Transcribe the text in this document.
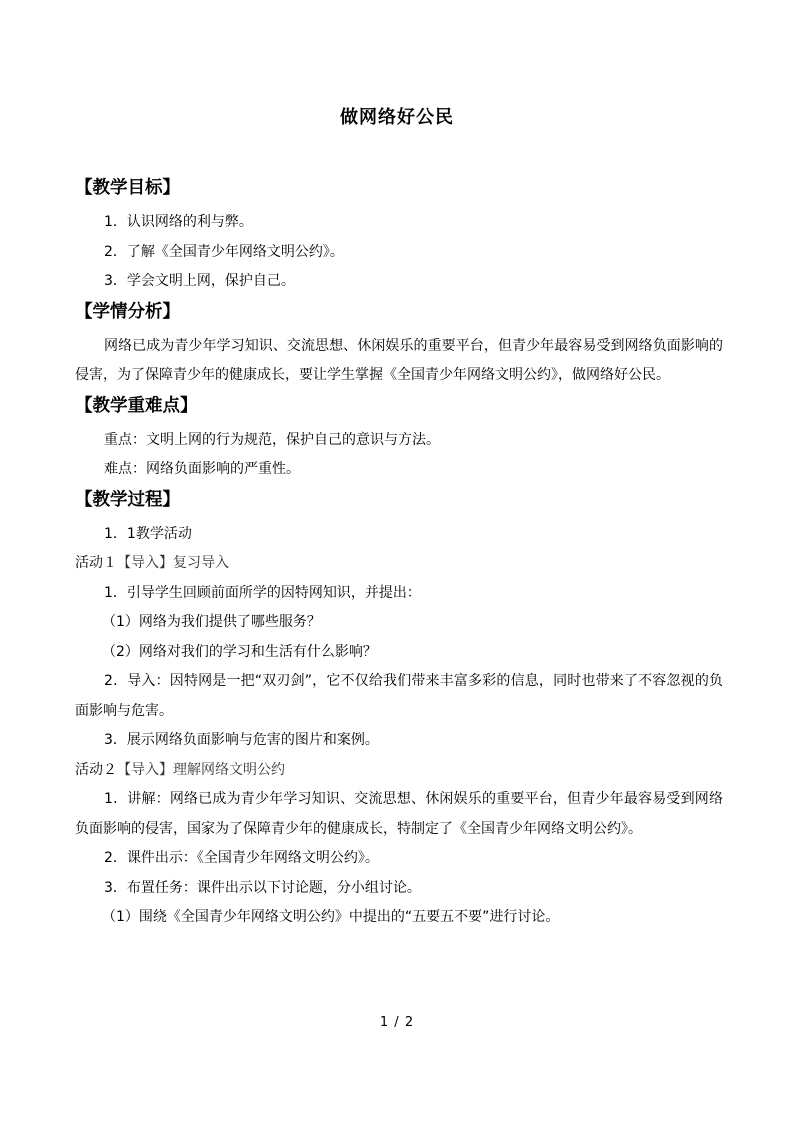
做网络好公民
【教学目标】
1．认识网络的利与弊。
2．了解《全国青少年网络文明公约》。
3．学会文明上网，保护自己。
【学情分析】
网络已成为青少年学习知识、交流思想、休闲娱乐的重要平台，但青少年最容易受到网络负面影响的侵害，为了保障青少年的健康成长，要让学生掌握《全国青少年网络文明公约》，做网络好公民。
【教学重难点】
重点：文明上网的行为规范，保护自己的意识与方法。
难点：网络负面影响的严重性。
【教学过程】
1．1教学活动
活动１【导入】复习导入
1．引导学生回顾前面所学的因特网知识，并提出：
（1）网络为我们提供了哪些服务？
（2）网络对我们的学习和生活有什么影响？
2．导入：因特网是一把“双刃剑”，它不仅给我们带来丰富多彩的信息，同时也带来了不容忽视的负面影响与危害。
3．展示网络负面影响与危害的图片和案例。
活动２【导入】理解网络文明公约
1．讲解：网络已成为青少年学习知识、交流思想、休闲娱乐的重要平台，但青少年最容易受到网络负面影响的侵害，国家为了保障青少年的健康成长，特制定了《全国青少年网络文明公约》。
2．课件出示：《全国青少年网络文明公约》。
3．布置任务：课件出示以下讨论题，分小组讨论。
（1）围绕《全国青少年网络文明公约》中提出的“五要五不要”进行讨论。
1 / 2
